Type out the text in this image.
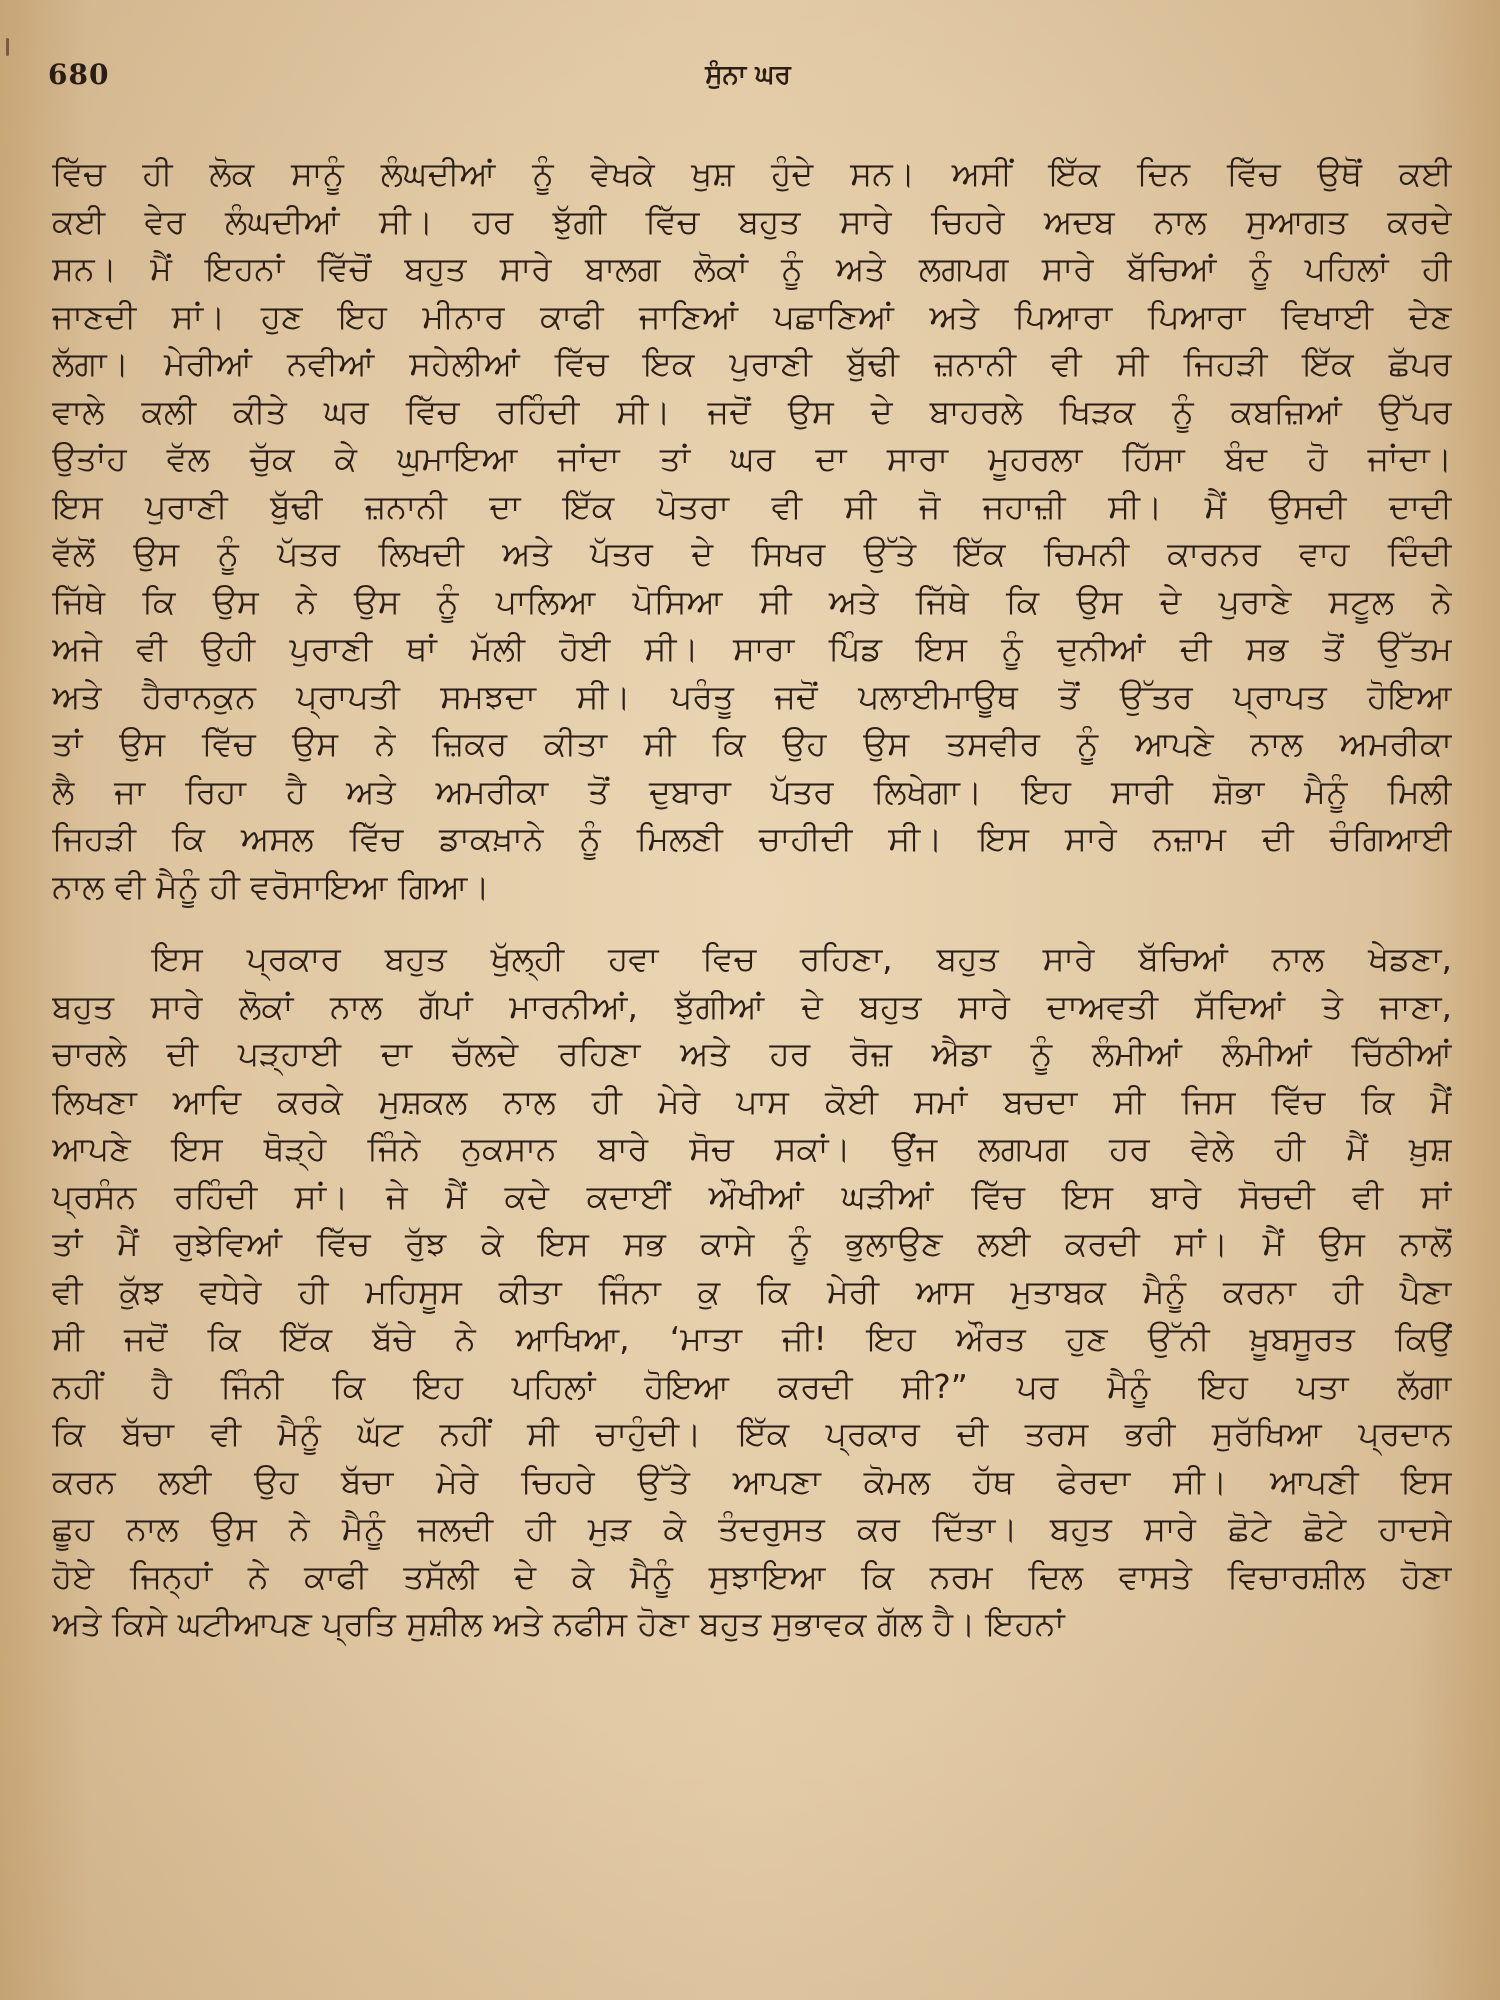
680	ਸੁੰਨਾ ਘਰ
ਵਿੱਚ ਹੀ ਲੋਕ ਸਾਨੂੰ ਲੰਘਦੀਆਂ ਨੂੰ ਵੇਖਕੇ ਖੁਸ਼ ਹੁੰਦੇ ਸਨ। ਅਸੀਂ ਇੱਕ ਦਿਨ ਵਿੱਚ ਉਥੋਂ ਕਈ
ਕਈ ਵੇਰ ਲੰਘਦੀਆਂ ਸੀ। ਹਰ ਝੁੱਗੀ ਵਿੱਚ ਬਹੁਤ ਸਾਰੇ ਚਿਹਰੇ ਅਦਬ ਨਾਲ ਸੁਆਗਤ ਕਰਦੇ
ਸਨ। ਮੈਂ ਇਹਨਾਂ ਵਿੱਚੋਂ ਬਹੁਤ ਸਾਰੇ ਬਾਲਗ ਲੋਕਾਂ ਨੂੰ ਅਤੇ ਲਗਪਗ ਸਾਰੇ ਬੱਚਿਆਂ ਨੂੰ ਪਹਿਲਾਂ ਹੀ
ਜਾਣਦੀ ਸਾਂ। ਹੁਣ ਇਹ ਮੀਨਾਰ ਕਾਫੀ ਜਾਣਿਆਂ ਪਛਾਣਿਆਂ ਅਤੇ ਪਿਆਰਾ ਪਿਆਰਾ ਵਿਖਾਈ ਦੇਣ
ਲੱਗਾ। ਮੇਰੀਆਂ ਨਵੀਆਂ ਸਹੇਲੀਆਂ ਵਿੱਚ ਇਕ ਪੁਰਾਣੀ ਬੁੱਢੀ ਜ਼ਨਾਨੀ ਵੀ ਸੀ ਜਿਹੜੀ ਇੱਕ ਛੱਪਰ
ਵਾਲੇ ਕਲੀ ਕੀਤੇ ਘਰ ਵਿੱਚ ਰਹਿੰਦੀ ਸੀ। ਜਦੋਂ ਉਸ ਦੇ ਬਾਹਰਲੇ ਖਿੜਕ ਨੂੰ ਕਬਜ਼ਿਆਂ ਉੱਪਰ
ਉਤਾਂਹ ਵੱਲ ਚੁੱਕ ਕੇ ਘੁਮਾਇਆ ਜਾਂਦਾ ਤਾਂ ਘਰ ਦਾ ਸਾਰਾ ਮੂਹਰਲਾ ਹਿੱਸਾ ਬੰਦ ਹੋ ਜਾਂਦਾ।
ਇਸ ਪੁਰਾਣੀ ਬੁੱਢੀ ਜ਼ਨਾਨੀ ਦਾ ਇੱਕ ਪੋਤਰਾ ਵੀ ਸੀ ਜੋ ਜਹਾਜ਼ੀ ਸੀ। ਮੈਂ ਉਸਦੀ ਦਾਦੀ
ਵੱਲੋਂ ਉਸ ਨੂੰ ਪੱਤਰ ਲਿਖਦੀ ਅਤੇ ਪੱਤਰ ਦੇ ਸਿਖਰ ਉੱਤੇ ਇੱਕ ਚਿਮਨੀ ਕਾਰਨਰ ਵਾਹ ਦਿੰਦੀ
ਜਿੱਥੇ ਕਿ ਉਸ ਨੇ ਉਸ ਨੂੰ ਪਾਲਿਆ ਪੋਸਿਆ ਸੀ ਅਤੇ ਜਿੱਥੇ ਕਿ ਉਸ ਦੇ ਪੁਰਾਣੇ ਸਟੂਲ ਨੇ
ਅਜੇ ਵੀ ਉਹੀ ਪੁਰਾਣੀ ਥਾਂ ਮੱਲੀ ਹੋਈ ਸੀ। ਸਾਰਾ ਪਿੰਡ ਇਸ ਨੂੰ ਦੁਨੀਆਂ ਦੀ ਸਭ ਤੋਂ ਉੱਤਮ
ਅਤੇ ਹੈਰਾਨਕੁਨ ਪ੍ਰਾਪਤੀ ਸਮਝਦਾ ਸੀ। ਪਰੰਤੂ ਜਦੋਂ ਪਲਾਈਮਾਊਥ ਤੋਂ ਉੱਤਰ ਪ੍ਰਾਪਤ ਹੋਇਆ
ਤਾਂ ਉਸ ਵਿੱਚ ਉਸ ਨੇ ਜ਼ਿਕਰ ਕੀਤਾ ਸੀ ਕਿ ਉਹ ਉਸ ਤਸਵੀਰ ਨੂੰ ਆਪਣੇ ਨਾਲ ਅਮਰੀਕਾ
ਲੈ ਜਾ ਰਿਹਾ ਹੈ ਅਤੇ ਅਮਰੀਕਾ ਤੋਂ ਦੁਬਾਰਾ ਪੱਤਰ ਲਿਖੇਗਾ। ਇਹ ਸਾਰੀ ਸ਼ੋਭਾ ਮੈਨੂੰ ਮਿਲੀ
ਜਿਹੜੀ ਕਿ ਅਸਲ ਵਿੱਚ ਡਾਕਖ਼ਾਨੇ ਨੂੰ ਮਿਲਣੀ ਚਾਹੀਦੀ ਸੀ। ਇਸ ਸਾਰੇ ਨਜ਼ਾਮ ਦੀ ਚੰਗਿਆਈ
ਨਾਲ ਵੀ ਮੈਨੂੰ ਹੀ ਵਰੋਸਾਇਆ ਗਿਆ।
ਇਸ ਪ੍ਰਕਾਰ ਬਹੁਤ ਖੁੱਲ੍ਹੀ ਹਵਾ ਵਿਚ ਰਹਿਣਾ, ਬਹੁਤ ਸਾਰੇ ਬੱਚਿਆਂ ਨਾਲ ਖੇਡਣਾ,
ਬਹੁਤ ਸਾਰੇ ਲੋਕਾਂ ਨਾਲ ਗੱਪਾਂ ਮਾਰਨੀਆਂ, ਝੁੱਗੀਆਂ ਦੇ ਬਹੁਤ ਸਾਰੇ ਦਾਅਵਤੀ ਸੱਦਿਆਂ ਤੇ ਜਾਣਾ,
ਚਾਰਲੇ ਦੀ ਪੜ੍ਹਾਈ ਦਾ ਚੱਲਦੇ ਰਹਿਣਾ ਅਤੇ ਹਰ ਰੋਜ਼ ਐਡਾ ਨੂੰ ਲੰਮੀਆਂ ਲੰਮੀਆਂ ਚਿੱਠੀਆਂ
ਲਿਖਣਾ ਆਦਿ ਕਰਕੇ ਮੁਸ਼ਕਲ ਨਾਲ ਹੀ ਮੇਰੇ ਪਾਸ ਕੋਈ ਸਮਾਂ ਬਚਦਾ ਸੀ ਜਿਸ ਵਿੱਚ ਕਿ ਮੈਂ
ਆਪਣੇ ਇਸ ਥੋੜ੍ਹੇ ਜਿੰਨੇ ਨੁਕਸਾਨ ਬਾਰੇ ਸੋਚ ਸਕਾਂ। ਉਂਜ ਲਗਪਗ ਹਰ ਵੇਲੇ ਹੀ ਮੈਂ ਖ਼ੁਸ਼
ਪ੍ਰਸੰਨ ਰਹਿੰਦੀ ਸਾਂ। ਜੇ ਮੈਂ ਕਦੇ ਕਦਾਈਂ ਔਖੀਆਂ ਘੜੀਆਂ ਵਿੱਚ ਇਸ ਬਾਰੇ ਸੋਚਦੀ ਵੀ ਸਾਂ
ਤਾਂ ਮੈਂ ਰੁਝੇਵਿਆਂ ਵਿੱਚ ਰੁੱਝ ਕੇ ਇਸ ਸਭ ਕਾਸੇ ਨੂੰ ਭੁਲਾਉਣ ਲਈ ਕਰਦੀ ਸਾਂ। ਮੈਂ ਉਸ ਨਾਲੋਂ
ਵੀ ਕੁੱਝ ਵਧੇਰੇ ਹੀ ਮਹਿਸੂਸ ਕੀਤਾ ਜਿੰਨਾ ਕੁ ਕਿ ਮੇਰੀ ਆਸ ਮੁਤਾਬਕ ਮੈਨੂੰ ਕਰਨਾ ਹੀ ਪੈਣਾ
ਸੀ ਜਦੋਂ ਕਿ ਇੱਕ ਬੱਚੇ ਨੇ ਆਖਿਆ, ‘ਮਾਤਾ ਜੀ! ਇਹ ਔਰਤ ਹੁਣ ਉੱਨੀ ਖ਼ੂਬਸੂਰਤ ਕਿਉਂ
ਨਹੀਂ ਹੈ ਜਿੰਨੀ ਕਿ ਇਹ ਪਹਿਲਾਂ ਹੋਇਆ ਕਰਦੀ ਸੀ?” ਪਰ ਮੈਨੂੰ ਇਹ ਪਤਾ ਲੱਗਾ
ਕਿ ਬੱਚਾ ਵੀ ਮੈਨੂੰ ਘੱਟ ਨਹੀਂ ਸੀ ਚਾਹੁੰਦੀ। ਇੱਕ ਪ੍ਰਕਾਰ ਦੀ ਤਰਸ ਭਰੀ ਸੁਰੱਖਿਆ ਪ੍ਰਦਾਨ
ਕਰਨ ਲਈ ਉਹ ਬੱਚਾ ਮੇਰੇ ਚਿਹਰੇ ਉੱਤੇ ਆਪਣਾ ਕੋਮਲ ਹੱਥ ਫੇਰਦਾ ਸੀ। ਆਪਣੀ ਇਸ
ਛੂਹ ਨਾਲ ਉਸ ਨੇ ਮੈਨੂੰ ਜਲਦੀ ਹੀ ਮੁੜ ਕੇ ਤੰਦਰੁਸਤ ਕਰ ਦਿੱਤਾ। ਬਹੁਤ ਸਾਰੇ ਛੋਟੇ ਛੋਟੇ ਹਾਦਸੇ
ਹੋਏ ਜਿਨ੍ਹਾਂ ਨੇ ਕਾਫੀ ਤਸੱਲੀ ਦੇ ਕੇ ਮੈਨੂੰ ਸੁਝਾਇਆ ਕਿ ਨਰਮ ਦਿਲ ਵਾਸਤੇ ਵਿਚਾਰਸ਼ੀਲ ਹੋਣਾ
ਅਤੇ ਕਿਸੇ ਘਟੀਆਪਣ ਪ੍ਰਤਿ ਸੁਸ਼ੀਲ ਅਤੇ ਨਫੀਸ ਹੋਣਾ ਬਹੁਤ ਸੁਭਾਵਕ ਗੱਲ ਹੈ। ਇਹਨਾਂ
